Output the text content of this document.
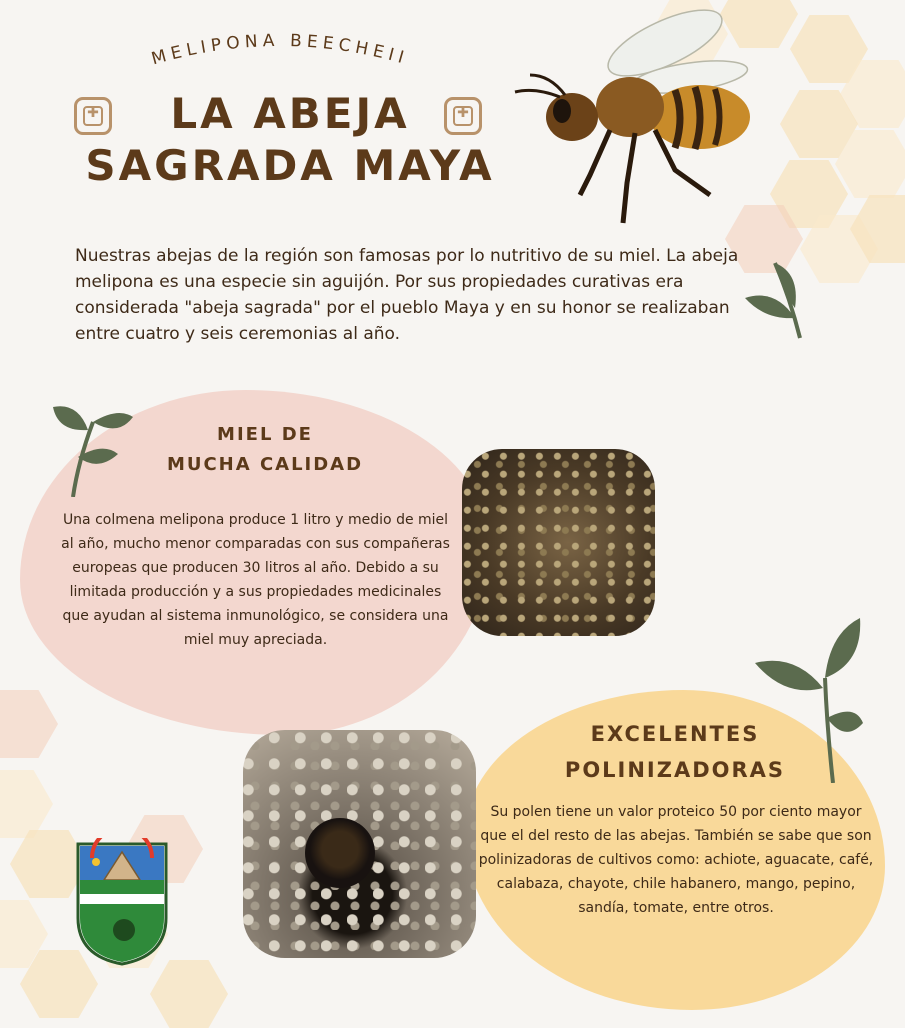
MELIPONA BEECHEII
✚
✚
LA ABEJA
SAGRADA MAYA
Nuestras abejas de la región son famosas por lo nutritivo de su miel. La abeja melipona es una especie sin aguijón. Por sus propiedades curativas era considerada "abeja sagrada" por el pueblo Maya y en su honor se realizaban entre cuatro y seis ceremonias al año.
MIEL DE
MUCHA CALIDAD
Una colmena melipona produce 1 litro y medio de miel al año, mucho menor comparadas con sus compañeras europeas que producen 30 litros al año. Debido a su limitada producción y a sus propiedades medicinales que ayudan al sistema inmunológico, se considera una miel muy apreciada.
EXCELENTES
POLINIZADORAS
Su polen tiene un valor proteico 50 por ciento mayor que el del resto de las abejas. También se sabe que son polinizadoras de cultivos como: achiote, aguacate, café, calabaza, chayote, chile habanero, mango, pepino, sandía, tomate, entre otros.
